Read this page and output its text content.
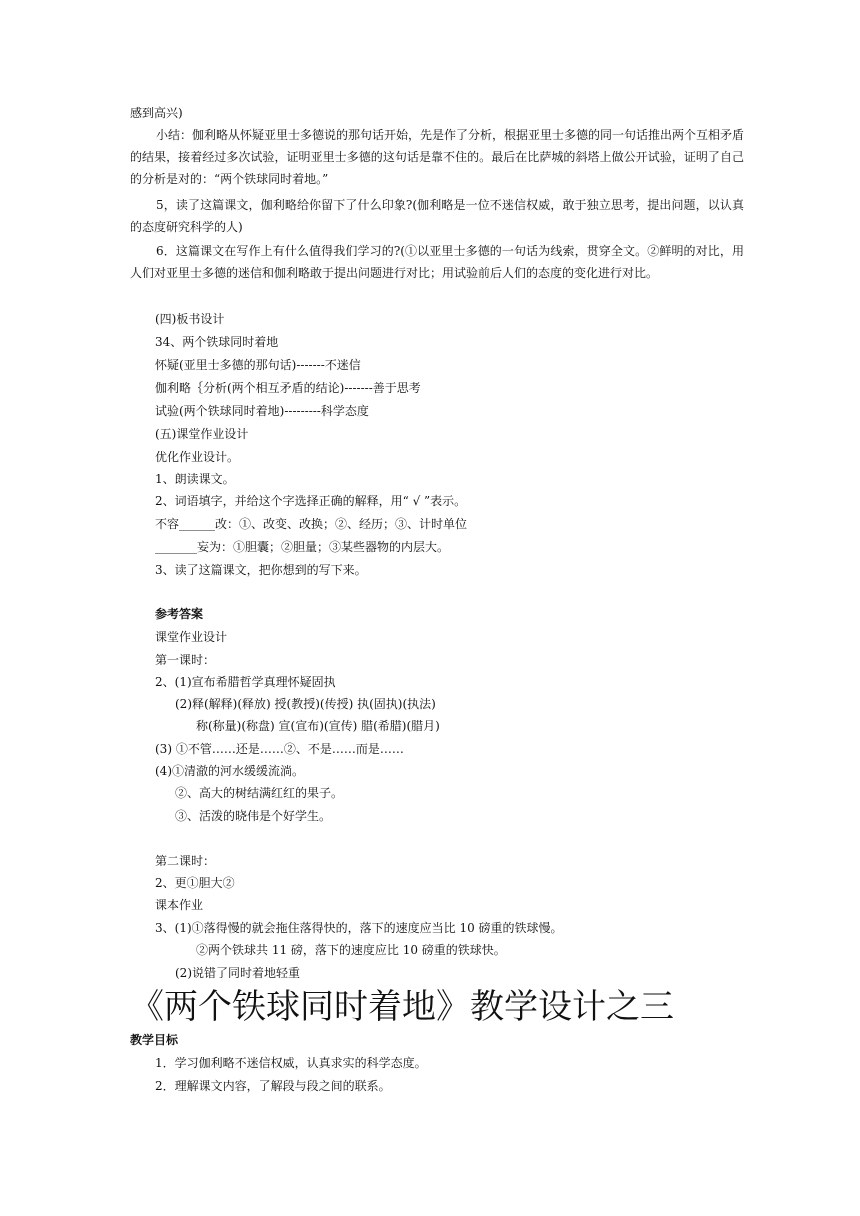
感到高兴)
小结：伽利略从怀疑亚里士多德说的那句话开始，先是作了分析，根据亚里士多德的同一句话推出两个互相矛盾的结果，接着经过多次试验，证明亚里士多德的这句话是靠不住的。最后在比萨城的斜塔上做公开试验，证明了自己的分析是对的：“两个铁球同时着地。”
5，读了这篇课文，伽利略给你留下了什么印象?(伽利略是一位不迷信权威，敢于独立思考，提出问题，以认真的态度研究科学的人)
6．这篇课文在写作上有什么值得我们学习的?(①以亚里士多德的一句话为线索，贯穿全文。②鲜明的对比，用人们对亚里士多德的迷信和伽利略敢于提出问题进行对比；用试验前后人们的态度的变化进行对比。
(四)板书设计
34、两个铁球同时着地
怀疑(亚里士多德的那句话)-------不迷信
伽利略｛分析(两个相互矛盾的结论)-------善于思考
试验(两个铁球同时着地)---------科学态度
(五)课堂作业设计
优化作业设计。
1、朗读课文。
2、词语填字，并给这个字选择正确的解释，用“ √ ”表示。
不容______改：①、改变、改换；②、经历；③、计时单位
_______妄为：①胆囊；②胆量；③某些器物的内层大。
3、读了这篇课文，把你想到的写下来。
参考答案
课堂作业设计
第一课时：
2、(1)宣布希腊哲学真理怀疑固执
(2)释(解释)(释放) 授(教授)(传授) 执(固执)(执法)
称(称量)(称盘) 宣(宣布)(宣传) 腊(希腊)(腊月)
(3) ①不管……还是……②、不是……而是……
(4)①清澈的河水缓缓流淌。
②、高大的树结满红红的果子。
③、活泼的晓伟是个好学生。
第二课时：
2、更①胆大②
课本作业
3、(1)①落得慢的就会拖住落得快的，落下的速度应当比 10 磅重的铁球慢。
②两个铁球共 11 磅，落下的速度应比 10 磅重的铁球快。
(2)说错了同时着地轻重
《两个铁球同时着地》教学设计之三
教学目标
1．学习伽利略不迷信权威，认真求实的科学态度。
2．理解课文内容，了解段与段之间的联系。
